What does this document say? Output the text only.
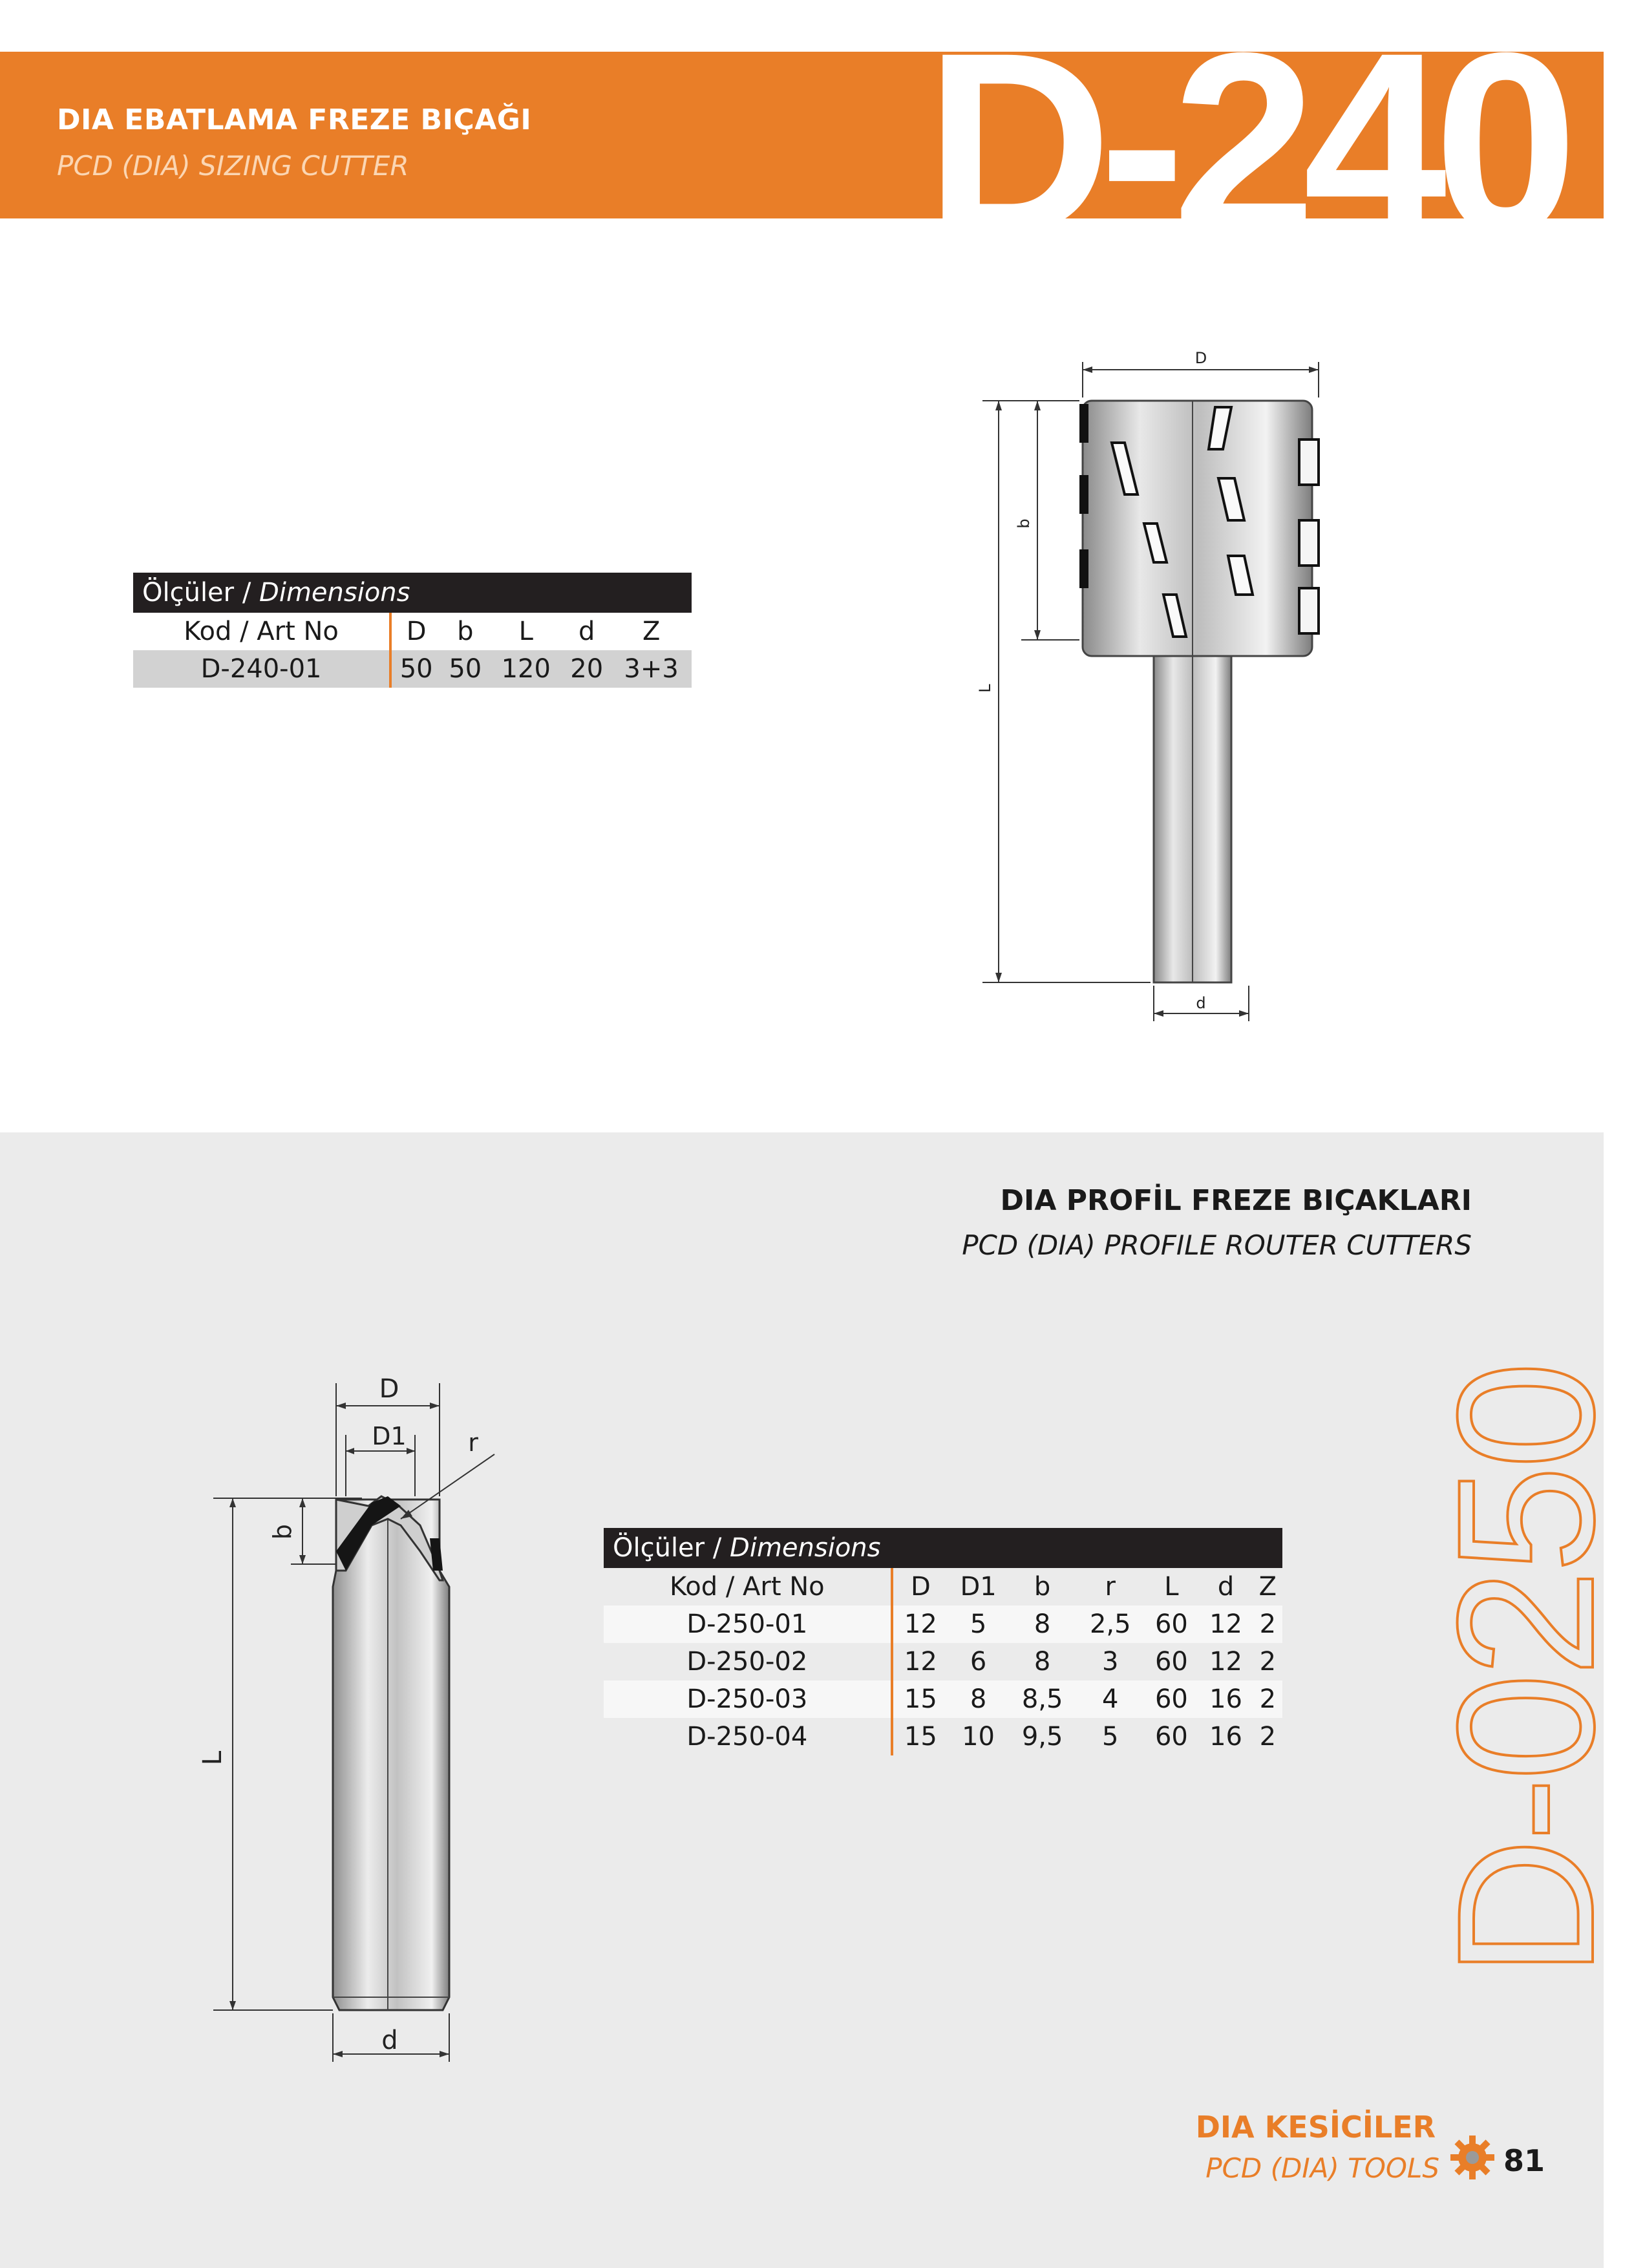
DIA EBATLAMA FREZE BIÇAĞI
PCD (DIA) SIZING CUTTER D-240
Ölçüler / Dimensions					
Kod / Art No	D	b	L	d	Z
D-240-01	50	50	120	20	3+3
D
b
L
d
DIA PROFİL FREZE BIÇAKLARI
PCD (DIA) PROFILE ROUTER CUTTERS
D-0250
D
D1	r
b
L
d
Ölçüler / Dimensions							
Kod / Art No	D	D1	b	r	L	d	Z
D-250-01	12	5	8	2,5	60	12	2
D-250-02	12	6	8	3	60	12	2
D-250-03	15	8	8,5	4	60	16	2
D-250-04	15	10	9,5	5	60	16	2
DIA KESİCİLER
PCD (DIA) TOOLS 81
